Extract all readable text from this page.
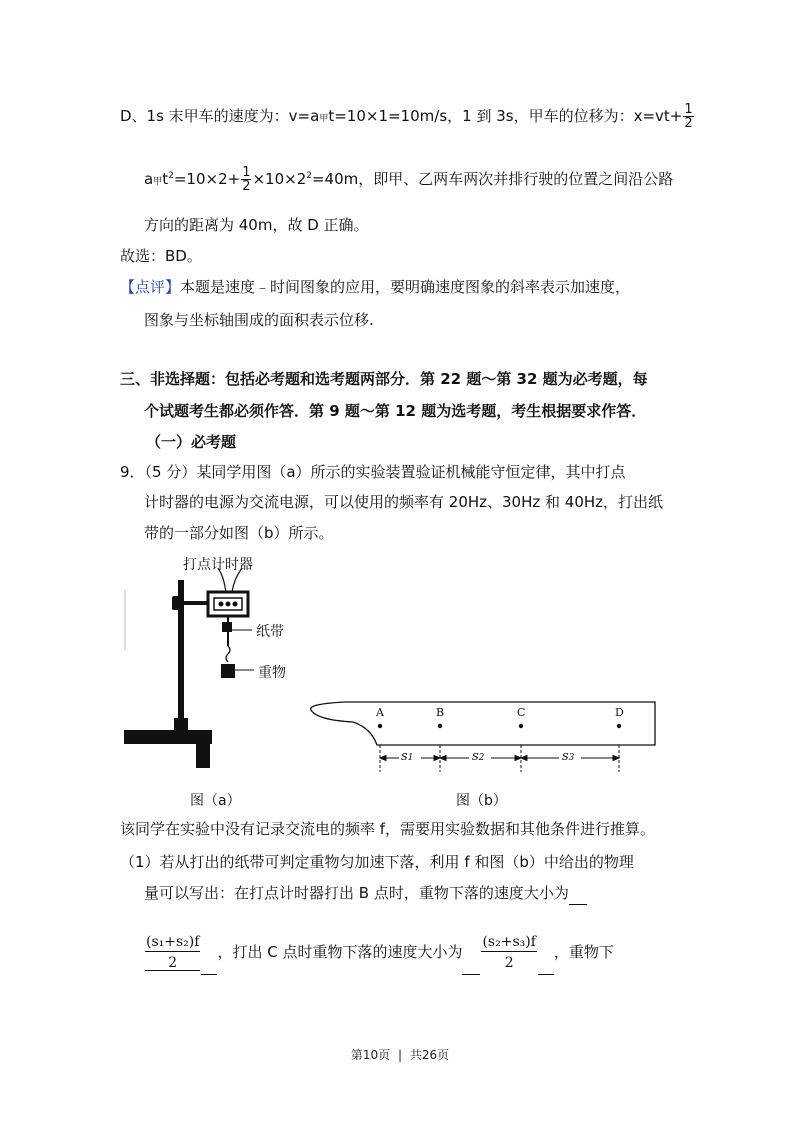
D、1s 末甲车的速度为：v=a甲t=10×1=10m/s，1 到 3s，甲车的位移为：$x=vt+ \frac{1}{2}$
a甲$t^2=10\times 2+ \frac{1}{2} \times 10\times 2^2=40m$，即甲、乙两车两次并排行驶的位置之间沿公路
方向的距离为 40m，故 D 正确。
故选：BD。
【点评】本题是速度﹣时间图象的应用，要明确速度图象的斜率表示加速度，
图象与坐标轴围成的面积表示位移.
三、非选择题：包括必考题和选考题两部分．第 22 题～第 32 题为必考题，每
个试题考生都必须作答．第 9 题～第 12 题为选考题，考生根据要求作答．
（一）必考题
9．（5 分）某同学用图（a）所示的实验装置验证机械能守恒定律，其中打点
计时器的电源为交流电源，可以使用的频率有 20Hz、30Hz 和 40Hz，打出纸
带的一部分如图（b）所示。
打点计时器
纸带
重物
图（a）
A	B	C	D
s1	s2	s3
图（b）
该同学在实验中没有记录交流电的频率 f，需要用实验数据和其他条件进行推算。
（1）若从打出的纸带可判定重物匀加速下落，利用 f 和图（b）中给出的物理
量可以写出：在打点计时器打出 B 点时，重物下落的速度大小为
$\frac{\text{(s₁+s₂)f}}{2}$ ，打出 C 点时重物下落的速度大小为 $\frac{\text{(s₂+s₃)f}}{2}$ ，重物下
第10页 | 共26页
